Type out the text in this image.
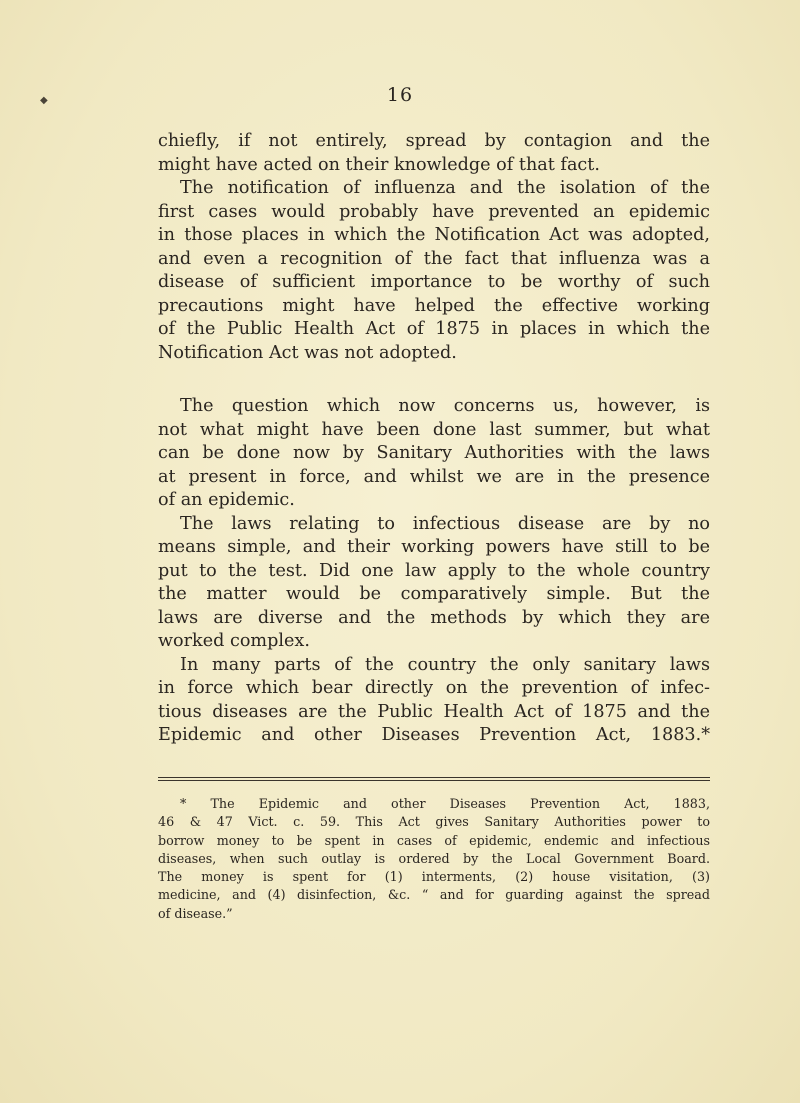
◆	16
chiefly, if not entirely, spread by contagion and the
might have acted on their knowledge of that fact.
The notification of influenza and the isolation of the
first cases would probably have prevented an epidemic
in those places in which the Notification Act was adopted,
and even a recognition of the fact that influenza was a
disease of sufficient importance to be worthy of such
precautions might have helped the effective working
of the Public Health Act of 1875 in places in which the
Notification Act was not adopted.
The question which now concerns us, however, is
not what might have been done last summer, but what
can be done now by Sanitary Authorities with the laws
at present in force, and whilst we are in the presence
of an epidemic.
The laws relating to infectious disease are by no
means simple, and their working powers have still to be
put to the test. Did one law apply to the whole country
the matter would be comparatively simple. But the
laws are diverse and the methods by which they are
worked complex.
In many parts of the country the only sanitary laws
in force which bear directly on the prevention of infec-
tious diseases are the Public Health Act of 1875 and the
Epidemic and other Diseases Prevention Act, 1883.*
* The Epidemic and other Diseases Prevention Act, 1883,
46 & 47 Vict. c. 59. This Act gives Sanitary Authorities power to
borrow money to be spent in cases of epidemic, endemic and infectious
diseases, when such outlay is ordered by the Local Government Board.
The money is spent for (1) interments, (2) house visitation, (3)
medicine, and (4) disinfection, &c. “ and for guarding against the spread
of disease.”
